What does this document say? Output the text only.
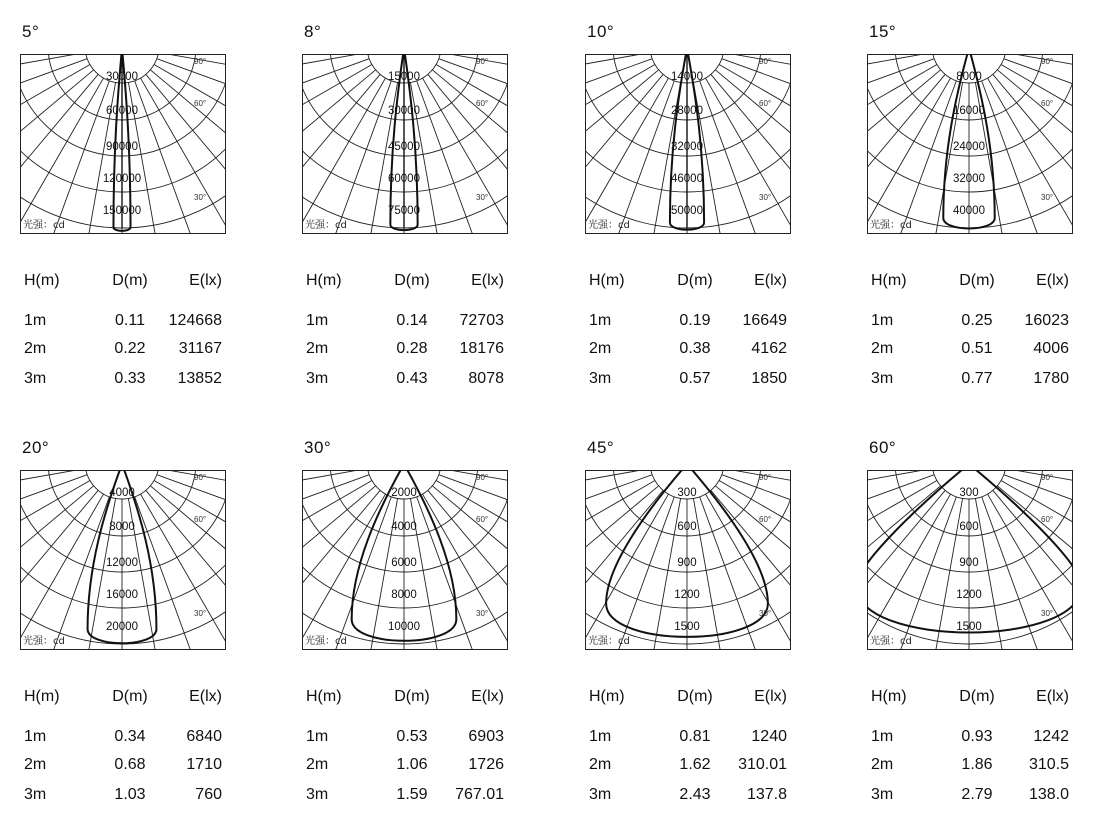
5°
30000
60000
90000
120000
150000
90°
60°
30°
光强：cd
H(m)	D(m)	E(lx)
1m	0.11	124668
2m	0.22	31167
3m	0.33	13852
8°
15000
30000
45000
60000
75000
90°
60°
30°
光强：cd
H(m)	D(m)	E(lx)
1m	0.14	72703
2m	0.28	18176
3m	0.43	8078
10°
14000
28000
32000
46000
50000
90°
60°
30°
光强：cd
H(m)	D(m)	E(lx)
1m	0.19	16649
2m	0.38	4162
3m	0.57	1850
15°
8000
16000
24000
32000
40000
90°
60°
30°
光强：cd
H(m)	D(m)	E(lx)
1m	0.25	16023
2m	0.51	4006
3m	0.77	1780
20°
4000
8000
12000
16000
20000
90°
60°
30°
光强：cd
H(m)	D(m)	E(lx)
1m	0.34	6840
2m	0.68	1710
3m	1.03	760
30°
2000
4000
6000
8000
10000
90°
60°
30°
光强：cd
H(m)	D(m)	E(lx)
1m	0.53	6903
2m	1.06	1726
3m	1.59	767.01
45°
300
600
900
1200
1500
90°
60°
30°
光强：cd
H(m)	D(m)	E(lx)
1m	0.81	1240
2m	1.62	310.01
3m	2.43	137.8
60°
300
600
900
1200
1500
90°
60°
30°
光强：cd
H(m)	D(m)	E(lx)
1m	0.93	1242
2m	1.86	310.5
3m	2.79	138.0
